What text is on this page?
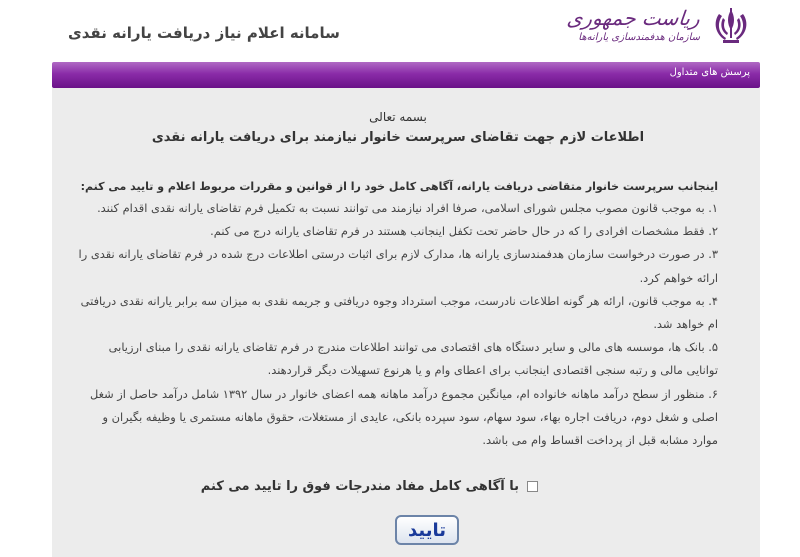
ریاست جمهوری
سازمان هدفمندسازی یارانه‌ها
سامانه اعلام نیاز دریافت یارانه نقدی
پرسش های متداول
بسمه تعالی
اطلاعات لازم جهت تقاضای سرپرست خانوار نیازمند برای دریافت یارانه نقدی
اینجانب سرپرست خانوار متقاضی دریافت یارانه، آگاهی کامل خود را از قوانین و مقررات مربوط اعلام و تایید می کنم:

۱. به موجب قانون مصوب مجلس شورای اسلامی، صرفا افراد نیازمند می توانند نسبت به تکمیل فرم تقاضای یارانه نقدی اقدام کنند.

۲. فقط مشخصات افرادی را که در حال حاضر تحت تکفل اینجانب هستند در فرم تقاضای یارانه درج می کنم.

۳. در صورت درخواست سازمان هدفمندسازی یارانه ها، مدارک لازم برای اثبات درستی اطلاعات درج شده در فرم تقاضای یارانه نقدی را ارائه خواهم کرد.

۴. به موجب قانون، ارائه هر گونه اطلاعات نادرست، موجب استرداد وجوه دریافتی و جریمه نقدی به میزان سه برابر یارانه نقدی دریافتی ام خواهد شد.

۵. بانک ها، موسسه های مالی و سایر دستگاه های اقتصادی می توانند اطلاعات مندرج در فرم تقاضای یارانه نقدی را مبنای ارزیابی توانایی مالی و رتبه سنجی اقتصادی اینجانب برای اعطای وام و یا هرنوع تسهیلات دیگر قراردهند.

۶. منظور از سطح درآمد ماهانه خانواده ام، میانگین مجموع درآمد ماهانه همه اعضای خانوار در سال ۱۳۹۲ شامل درآمد حاصل از شغل اصلی و شغل دوم، دریافت اجاره بهاء، سود سهام، سود سپرده بانکی، عایدی از مستغلات، حقوق ماهانه مستمری یا وظیفه بگیران و موارد مشابه قبل از پرداخت اقساط وام می باشد.

با آگاهی کامل مفاد مندرجات فوق را تایید می کنم
تایید
